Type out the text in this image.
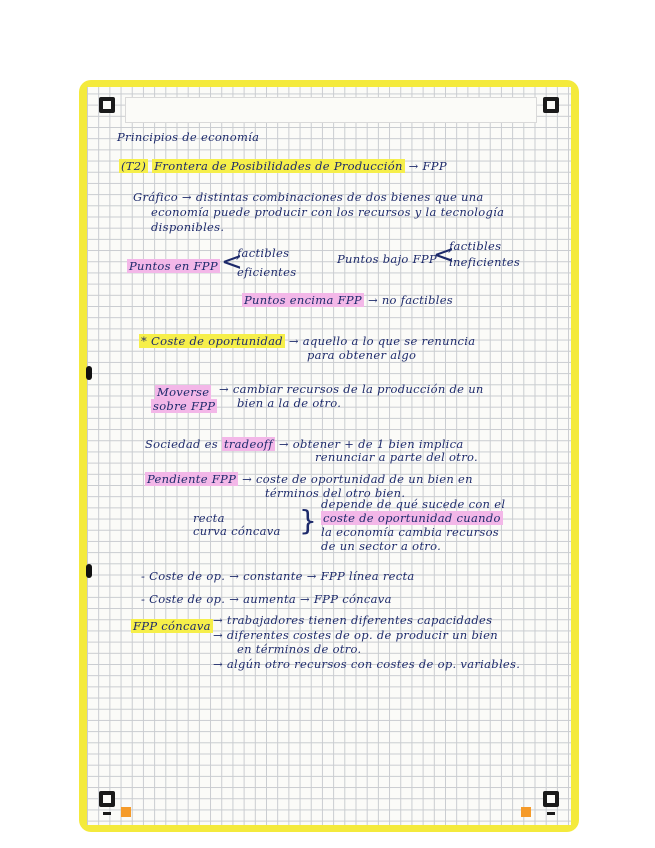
Principios de economía
(T2) Frontera de Posibilidades de Producción → FPP
Gráfico → distintas combinaciones de dos bienes que una
economía puede producir con los recursos y la tecnología
disponibles.
Puntos en FPP <
factibles
eficientes
Puntos bajo FPP
<
factibles
ineficientes
Puntos encima FPP → no factibles
* Coste de oportunidad → aquello a lo que se renuncia
para obtener algo
Moverse
sobre FPP
→ cambiar recursos de la producción de un
bien a la de otro.
Sociedad es tradeoff → obtener + de 1 bien implica
renunciar a parte del otro.
Pendiente FPP → coste de oportunidad de un bien en
términos del otro bien.
recta
curva cóncava } depende de qué sucede con el
coste de oportunidad cuando
la economía cambia recursos
de un sector a otro.
- Coste de op. → constante → FPP línea recta
- Coste de op. → aumenta → FPP cóncava
FPP cóncava → trabajadores tienen diferentes capacidades
→ diferentes costes de op. de producir un bien
en términos de otro.
→ algún otro recursos con costes de op. variables.
